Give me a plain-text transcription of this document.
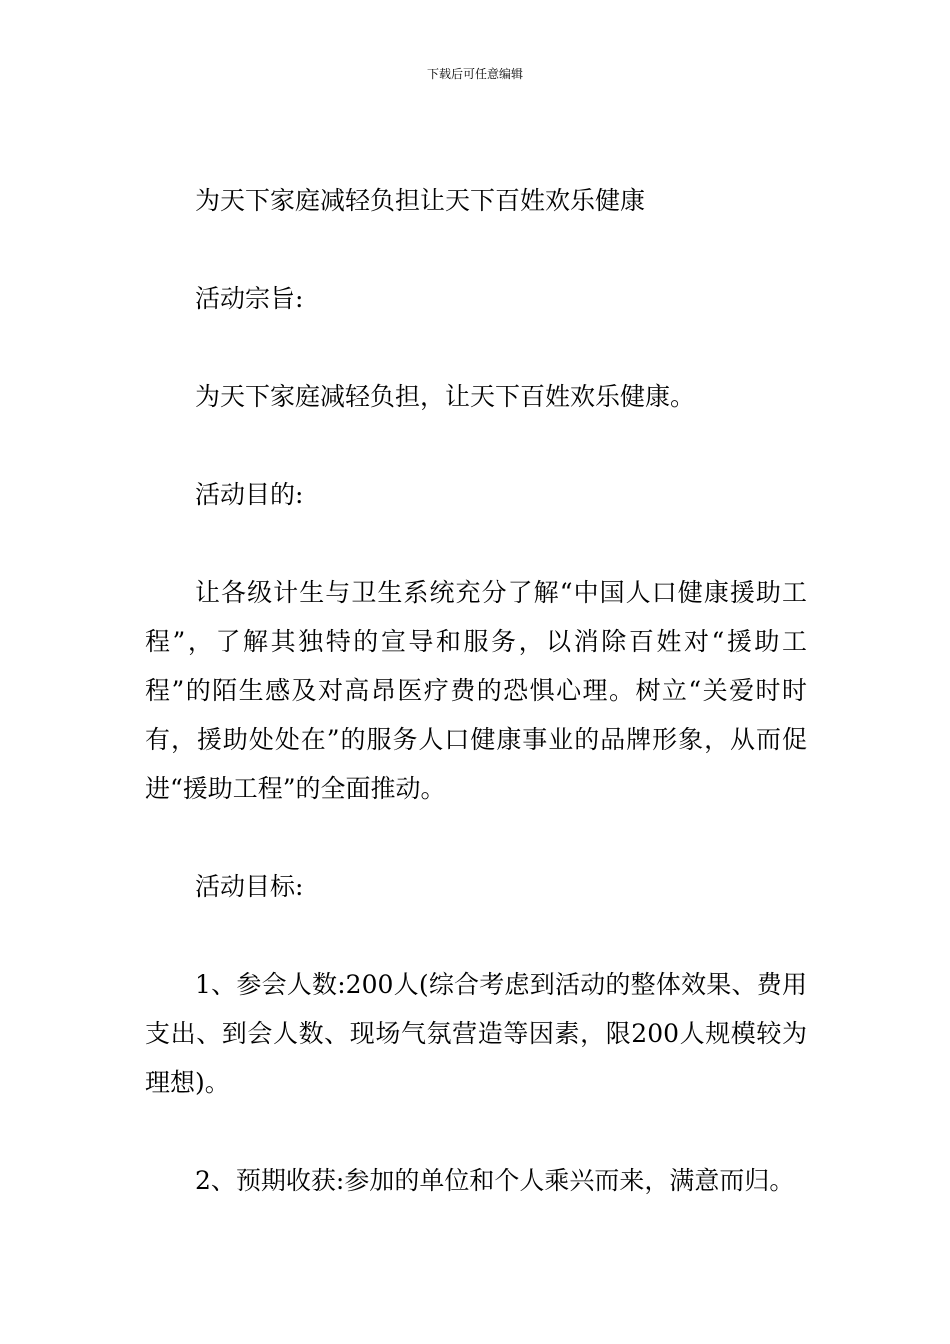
下载后可任意编辑

为天下家庭减轻负担让天下百姓欢乐健康

活动宗旨:

为天下家庭减轻负担，让天下百姓欢乐健康。

活动目的:

让各级计生与卫生系统充分了解“中国人口健康援助工程”，了解其独特的宣导和服务，以消除百姓对“援助工程”的陌生感及对高昂医疗费的恐惧心理。树立“关爱时时有，援助处处在”的服务人口健康事业的品牌形象，从而促进“援助工程”的全面推动。

活动目标:

1、参会人数:200人(综合考虑到活动的整体效果、费用支出、到会人数、现场气氛营造等因素，限200人规模较为理想)。

2、预期收获:参加的单位和个人乘兴而来，满意而归。
